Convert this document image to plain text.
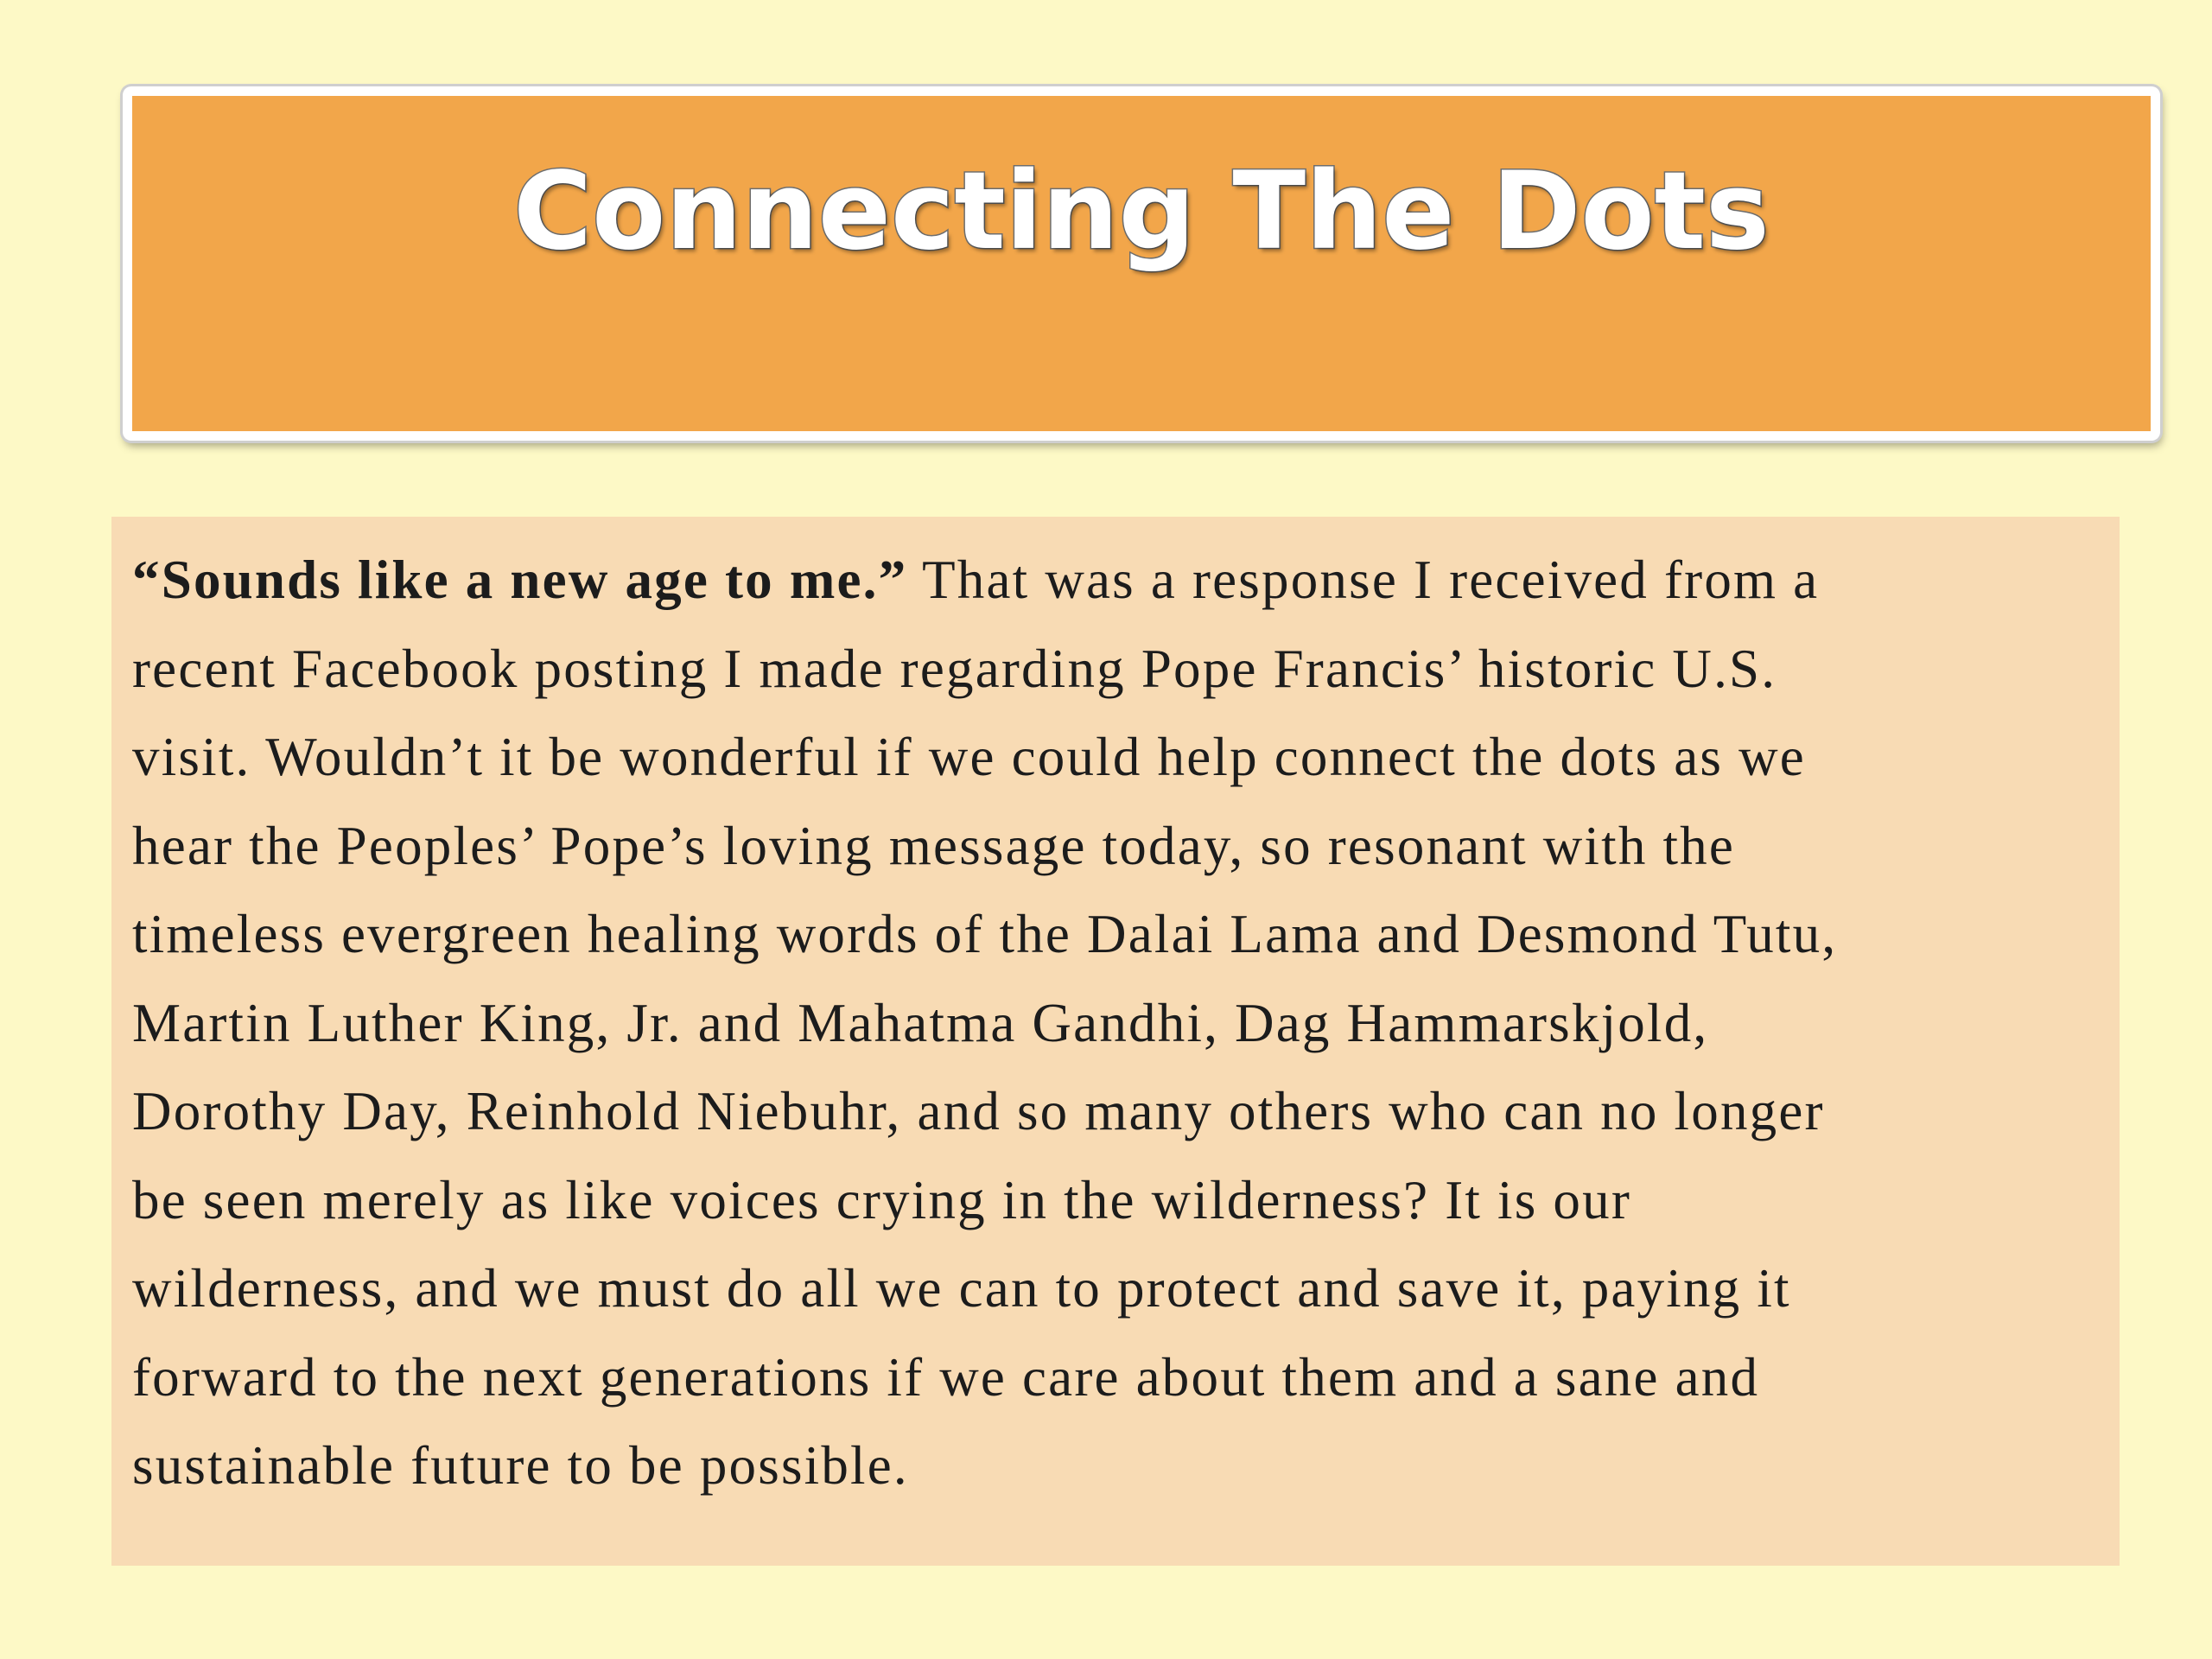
Connecting The Dots

“Sounds like a new age to me.” That was a response I received from a
recent Facebook posting I made regarding Pope Francis’ historic U.S.
visit. Wouldn’t it be wonderful if we could help connect the dots as we
hear the Peoples’ Pope’s loving message today, so resonant with the
timeless evergreen healing words of the Dalai Lama and Desmond Tutu,
Martin Luther King, Jr. and Mahatma Gandhi, Dag Hammarskjold,
Dorothy Day, Reinhold Niebuhr, and so many others who can no longer
be seen merely as like voices crying in the wilderness? It is our
wilderness, and we must do all we can to protect and save it, paying it
forward to the next generations if we care about them and a sane and
sustainable future to be possible.
